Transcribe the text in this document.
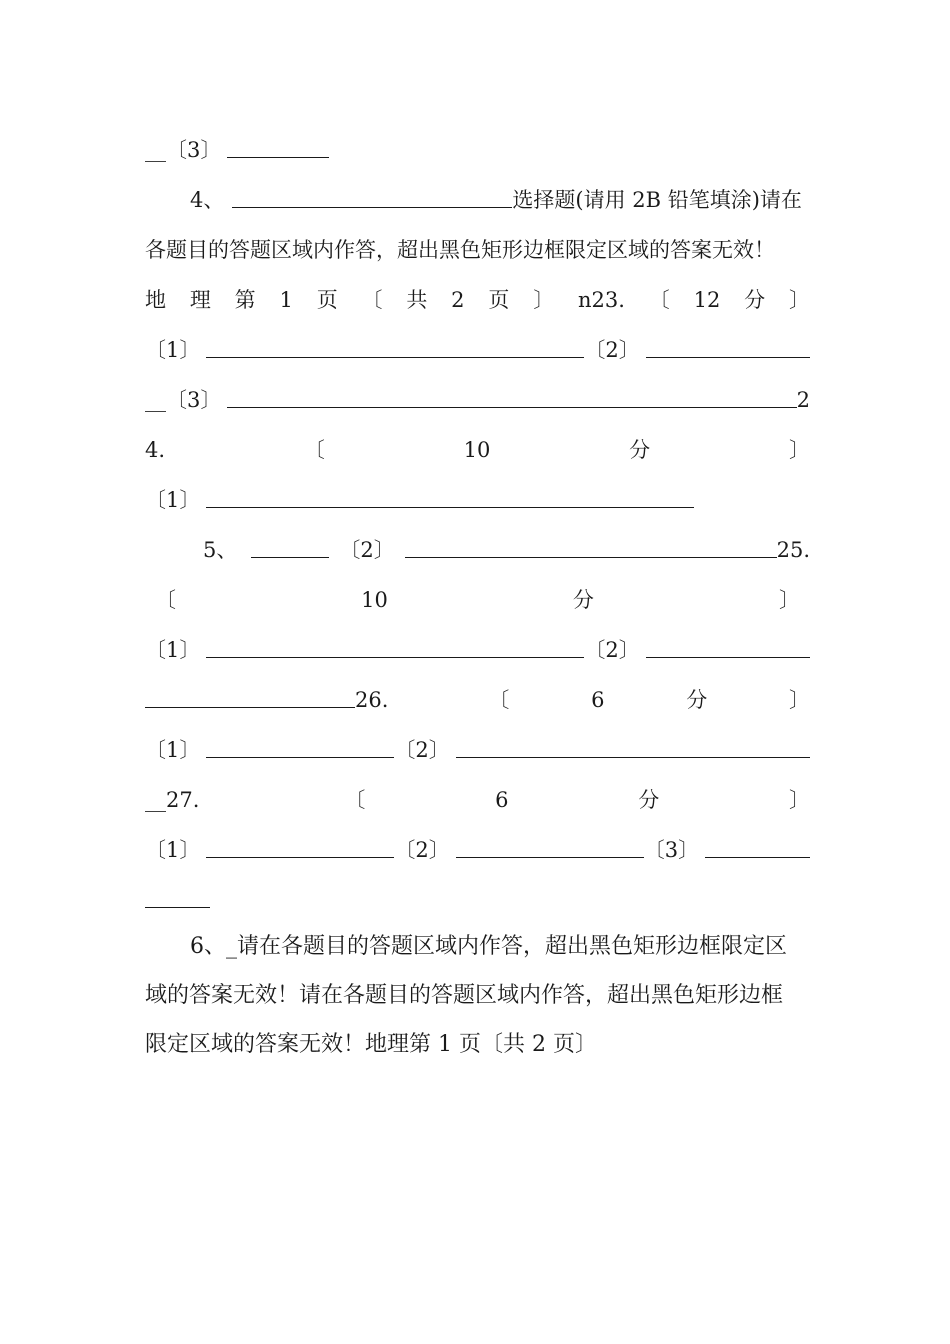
__ 〔3〕
4、	选择题(请用 2B 铅笔填涂)请在
各题目的答题区域内作答，超出黑色矩形边框限定区域的答案无效！
地 理 第 1 页 〔 共 2 页 〕 n23. 〔 12 分 〕
〔1〕	〔2〕
__ 〔3〕	2
4.	〔	10	分	〕
〔1〕
5、	〔2〕	25.
〔	10	分	〕
〔1〕	〔2〕
26.	〔	6	分	〕
〔1〕	〔2〕
__27.	〔	6	分	〕
〔1〕	〔2〕	〔3〕
6、_请在各题目的答题区域内作答，超出黑色矩形边框限定区
域的答案无效！请在各题目的答题区域内作答，超出黑色矩形边框
限定区域的答案无效！地理第 1 页〔共 2 页〕
